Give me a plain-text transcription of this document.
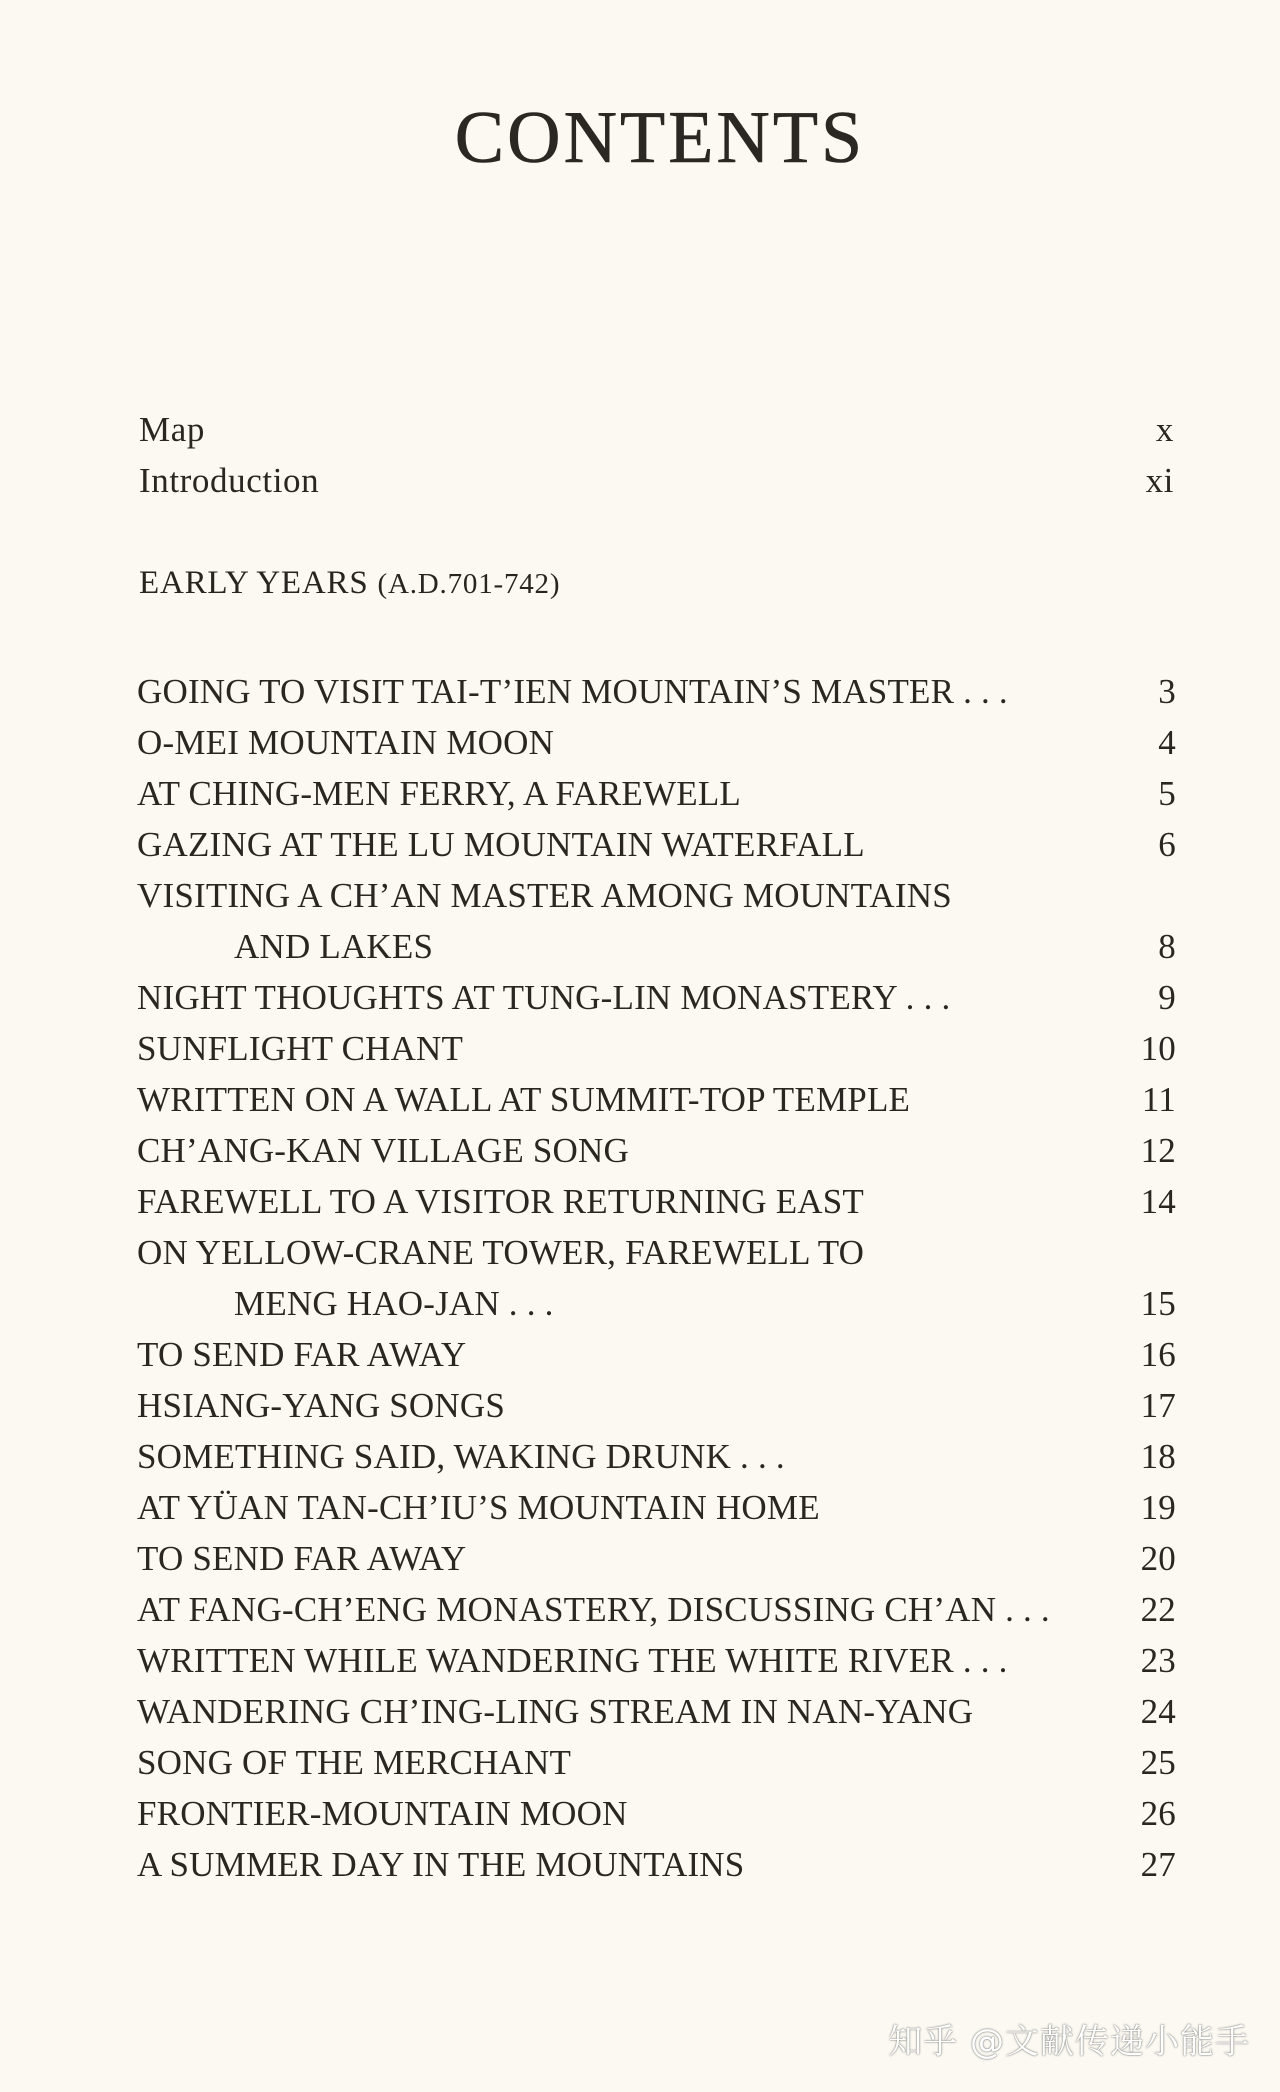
CONTENTS
Map	x
Introduction	xi
EARLY YEARS (A.D.701-742)
GOING TO VISIT TAI-T’IEN MOUNTAIN’S MASTER . . .	3
O-MEI MOUNTAIN MOON	4
AT CHING-MEN FERRY, A FAREWELL	5
GAZING AT THE LU MOUNTAIN WATERFALL	6
VISITING A CH’AN MASTER AMONG MOUNTAINS
AND LAKES	8
NIGHT THOUGHTS AT TUNG-LIN MONASTERY . . .	9
SUNFLIGHT CHANT	10
WRITTEN ON A WALL AT SUMMIT-TOP TEMPLE	11
CH’ANG-KAN VILLAGE SONG	12
FAREWELL TO A VISITOR RETURNING EAST	14
ON YELLOW-CRANE TOWER, FAREWELL TO
MENG HAO-JAN . . .	15
TO SEND FAR AWAY	16
HSIANG-YANG SONGS	17
SOMETHING SAID, WAKING DRUNK . . .	18
AT YÜAN TAN-CH’IU’S MOUNTAIN HOME	19
TO SEND FAR AWAY	20
AT FANG-CH’ENG MONASTERY, DISCUSSING CH’AN . . .	22
WRITTEN WHILE WANDERING THE WHITE RIVER . . .	23
WANDERING CH’ING-LING STREAM IN NAN-YANG	24
SONG OF THE MERCHANT	25
FRONTIER-MOUNTAIN MOON	26
A SUMMER DAY IN THE MOUNTAINS	27
知乎 @文献传递小能手
